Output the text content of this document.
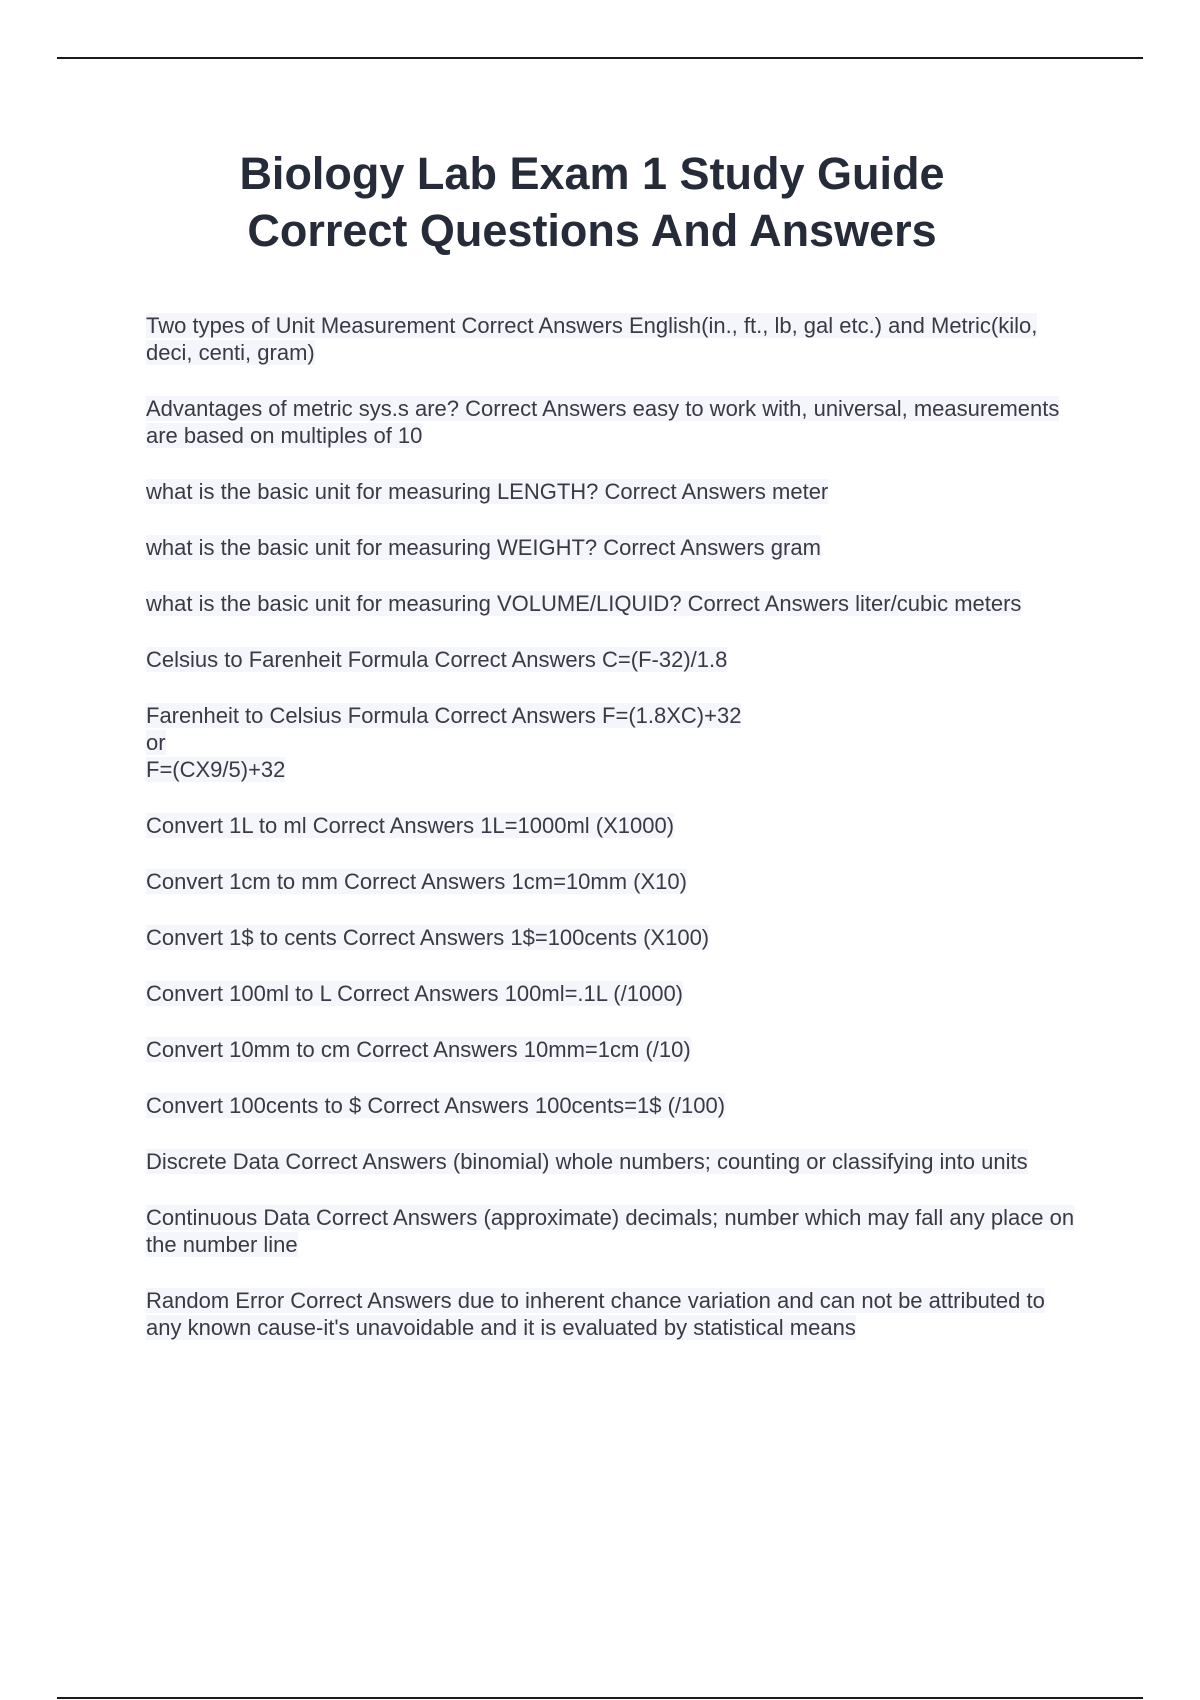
Biology Lab Exam 1 Study Guide
Correct Questions And Answers
Two types of Unit Measurement Correct Answers English(in., ft., lb, gal etc.) and Metric(kilo, deci, centi, gram)
Advantages of metric sys.s are? Correct Answers easy to work with, universal, measurements are based on multiples of 10
what is the basic unit for measuring LENGTH? Correct Answers meter
what is the basic unit for measuring WEIGHT? Correct Answers gram
what is the basic unit for measuring VOLUME/LIQUID? Correct Answers liter/cubic meters
Celsius to Farenheit Formula Correct Answers C=(F-32)/1.8
Farenheit to Celsius Formula Correct Answers F=(1.8XC)+32
or
F=(CX9/5)+32
Convert 1L to ml Correct Answers 1L=1000ml (X1000)
Convert 1cm to mm Correct Answers 1cm=10mm (X10)
Convert 1$ to cents Correct Answers 1$=100cents (X100)
Convert 100ml to L Correct Answers 100ml=.1L (/1000)
Convert 10mm to cm Correct Answers 10mm=1cm (/10)
Convert 100cents to $ Correct Answers 100cents=1$ (/100)
Discrete Data Correct Answers (binomial) whole numbers; counting or classifying into units
Continuous Data Correct Answers (approximate) decimals; number which may fall any place on the number line
Random Error Correct Answers due to inherent chance variation and can not be attributed to any known cause-it's unavoidable and it is evaluated by statistical means
